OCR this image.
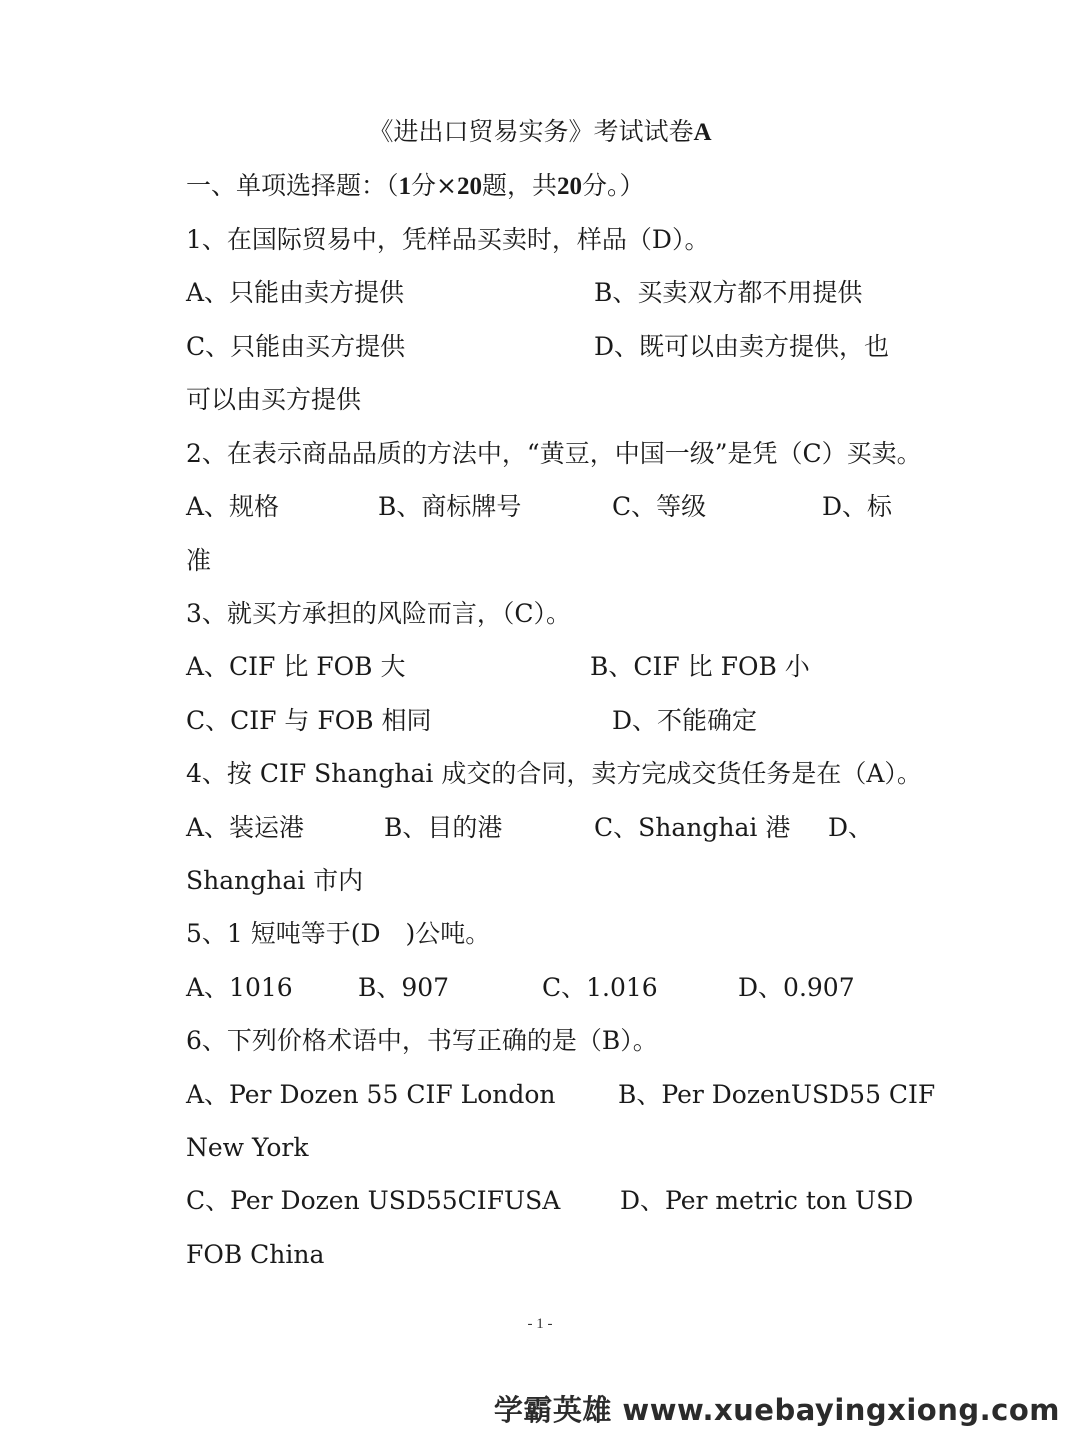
《进出口贸易实务》考试试卷A
一、单项选择题：（1分×20题，共20分。）
1、在国际贸易中，凭样品买卖时，样品（D）。
A、只能由卖方提供	B、买卖双方都不用提供
C、只能由买方提供	D、既可以由卖方提供，也
可以由买方提供
2、在表示商品品质的方法中，“黄豆，中国一级”是凭（C）买卖。
A、规格	B、商标牌号	C、等级	D、标
准
3、就买方承担的风险而言，（C）。
A、CIF 比 FOB 大	B、CIF 比 FOB 小
C、CIF 与 FOB 相同	D、不能确定
4、按 CIF Shanghai 成交的合同，卖方完成交货任务是在（A）。
A、装运港	B、目的港	C、Shanghai 港 D、
Shanghai 市内
5、1 短吨等于(D　)公吨。
A、1016	B、907	C、1.016	D、0.907
6、下列价格术语中，书写正确的是（B）。
A、Per Dozen 55 CIF London B、Per DozenUSD55 CIF
New York
C、Per Dozen USD55CIFUSA D、Per metric ton USD
FOB China
- 1 -
学霸英雄 www.xuebayingxiong.com
